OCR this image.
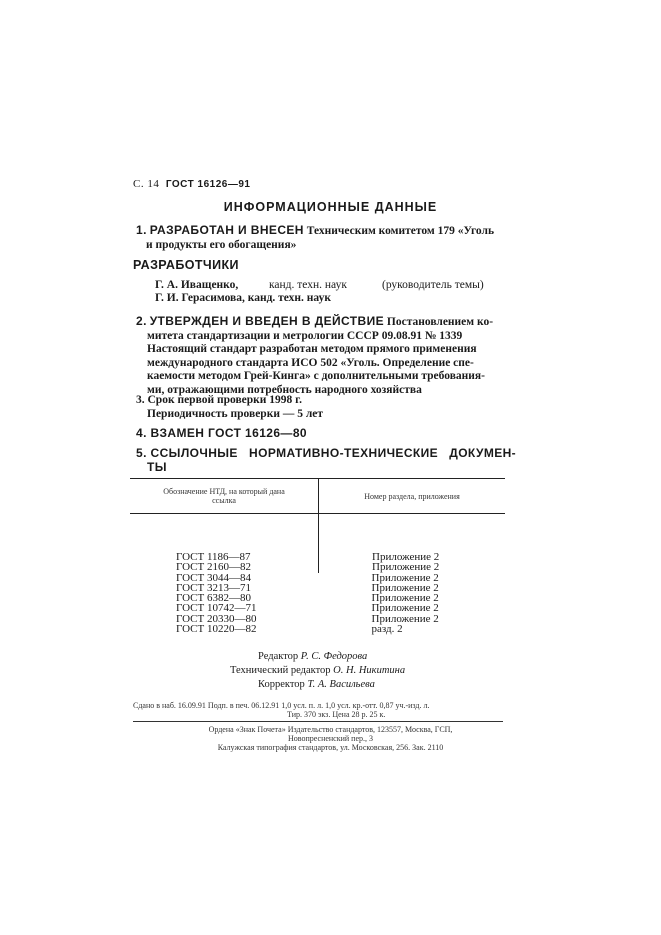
С. 14 ГОСТ 16126—91
ИНФОРМАЦИОННЫЕ ДАННЫЕ
1. РАЗРАБОТАН И ВНЕСЕН Техническим комитетом 179 «Уголь
и продукты его обогащения»
РАЗРАБОТЧИКИ
Г. А. Иващенко,	канд. техн. наук	(руководитель темы)
Г. И. Герасимова, канд. техн. наук
2. УТВЕРЖДЕН И ВВЕДЕН В ДЕЙСТВИЕ Постановлением ко-
митета стандартизации и метрологии СССР 09.08.91 № 1339
Настоящий стандарт разработан методом прямого применения
международного стандарта ИСО 502 «Уголь. Определение спе-
каемости методом Грей-Кинга» с дополнительными требования-
ми, отражающими потребность народного хозяйства
3. Срок первой проверки 1998 г.
Периодичность проверки — 5 лет
4. ВЗАМЕН ГОСТ 16126—80
5. ССЫЛОЧНЫЕ   НОРМАТИВНО-ТЕХНИЧЕСКИЕ   ДОКУМЕН-
ТЫ
Обозначение НТД, на который дана ссылка	Номер раздела, приложения
ГОСТ 1186—87	Приложение 2
ГОСТ 2160—82	Приложение 2
ГОСТ 3044—84	Приложение 2
ГОСТ 3213—71	Приложение 2
ГОСТ 6382—80	Приложение 2
ГОСТ 10742—71	Приложение 2
ГОСТ 20330—80	Приложение 2
ГОСТ 10220—82	разд. 2
Редактор Р. С. Федорова
Технический редактор О. Н. Никитина
Корректор Т. А. Васильева
Сдано в наб. 16.09.91 Подп. в печ. 06.12.91 1,0 усл. п. л. 1,0 усл. кр.-отт. 0,87 уч.-изд. л.
Тир. 370 экз. Цена 28 р. 25 к.
Ордена «Знак Почета» Издательство стандартов, 123557, Москва, ГСП,
Новопресненский пер., 3
Калужская типография стандартов, ул. Московская, 256. Зак. 2110
